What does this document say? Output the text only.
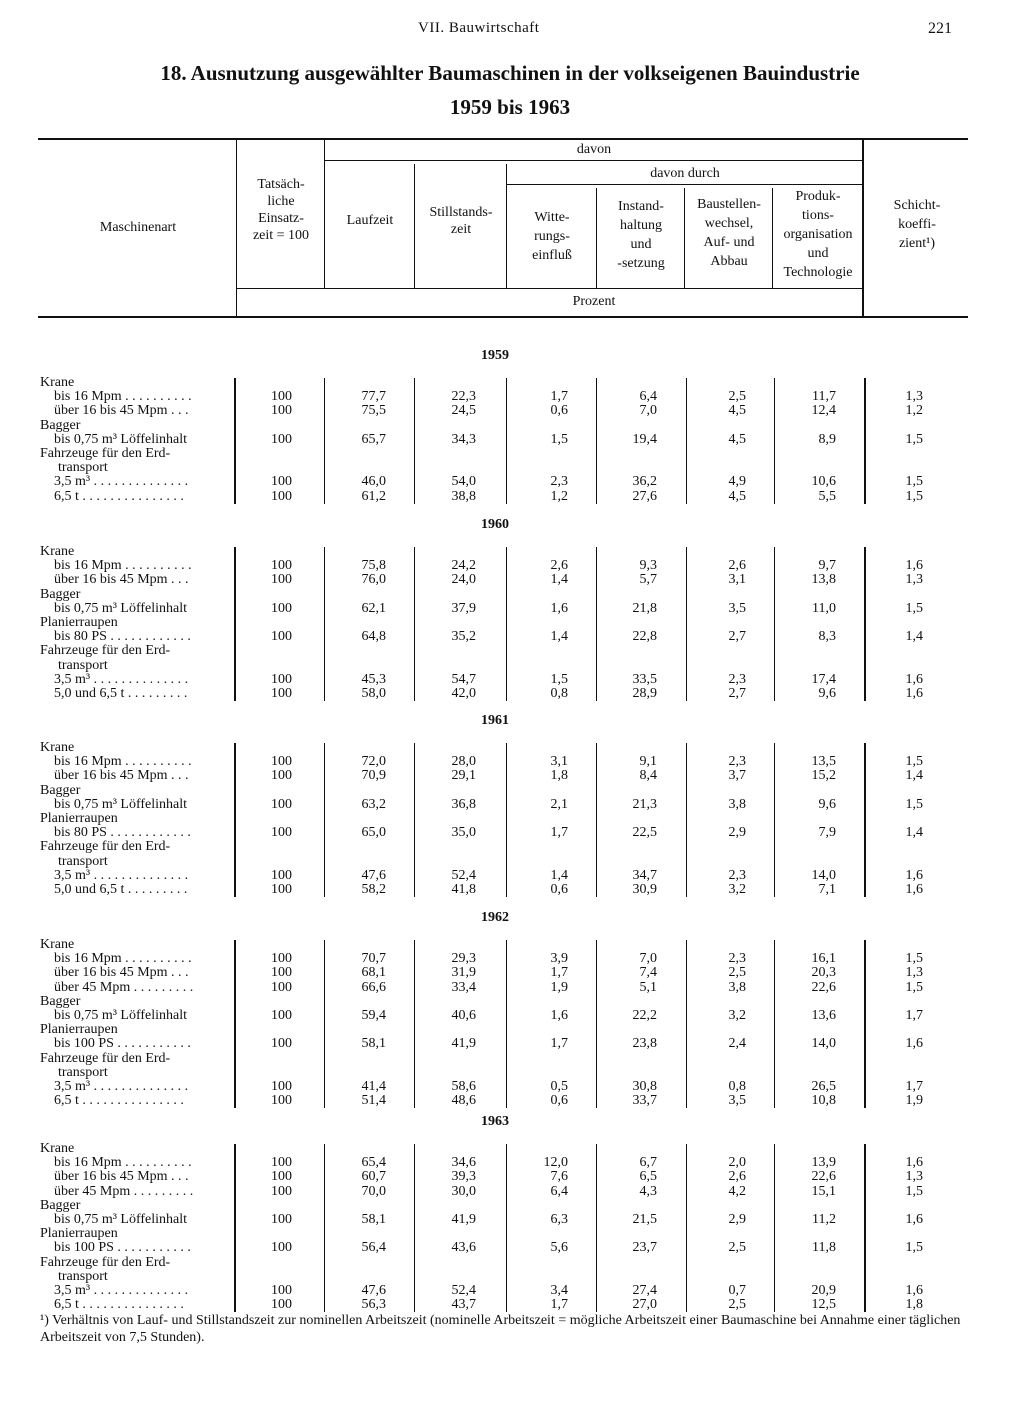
VII. Bauwirtschaft	221
18. Ausnutzung ausgewählter Baumaschinen in der volkseigenen Bauindustrie
1959 bis 1963
Maschinenart
Tatsäch-
liche
Einsatz-
zeit = 100
Laufzeit
Stillstands-
zeit
davon
davon durch
Witte-
rungs-
einfluß
Instand-
haltung
und
-setzung
Baustellen-
wechsel,
Auf- und
Abbau
Produk-
tions-
organisation
und
Technologie
Schicht-
koeffi-
zient¹)
Prozent
1959
Krane
bis 16 Mpm . . . . . . . . . .	100	77,7	22,3	1,7	6,4	2,5	11,7	1,3
über 16 bis 45 Mpm . . .	100	75,5	24,5	0,6	7,0	4,5	12,4	1,2
Bagger
bis 0,75 m³ Löffelinhalt	100	65,7	34,3	1,5	19,4	4,5	8,9	1,5
Fahrzeuge für den Erd-
transport
3,5 m³ . . . . . . . . . . . . . .	100	46,0	54,0	2,3	36,2	4,9	10,6	1,5
6,5 t . . . . . . . . . . . . . . .	100	61,2	38,8	1,2	27,6	4,5	5,5	1,5
1960
Krane
bis 16 Mpm . . . . . . . . . .	100	75,8	24,2	2,6	9,3	2,6	9,7	1,6
über 16 bis 45 Mpm . . .	100	76,0	24,0	1,4	5,7	3,1	13,8	1,3
Bagger
bis 0,75 m³ Löffelinhalt	100	62,1	37,9	1,6	21,8	3,5	11,0	1,5
Planierraupen
bis 80 PS . . . . . . . . . . . .	100	64,8	35,2	1,4	22,8	2,7	8,3	1,4
Fahrzeuge für den Erd-
transport
3,5 m³ . . . . . . . . . . . . . .	100	45,3	54,7	1,5	33,5	2,3	17,4	1,6
5,0 und 6,5 t . . . . . . . . .	100	58,0	42,0	0,8	28,9	2,7	9,6	1,6
1961
Krane
bis 16 Mpm . . . . . . . . . .	100	72,0	28,0	3,1	9,1	2,3	13,5	1,5
über 16 bis 45 Mpm . . .	100	70,9	29,1	1,8	8,4	3,7	15,2	1,4
Bagger
bis 0,75 m³ Löffelinhalt	100	63,2	36,8	2,1	21,3	3,8	9,6	1,5
Planierraupen
bis 80 PS . . . . . . . . . . . .	100	65,0	35,0	1,7	22,5	2,9	7,9	1,4
Fahrzeuge für den Erd-
transport
3,5 m³ . . . . . . . . . . . . . .	100	47,6	52,4	1,4	34,7	2,3	14,0	1,6
5,0 und 6,5 t . . . . . . . . .	100	58,2	41,8	0,6	30,9	3,2	7,1	1,6
1962
Krane
bis 16 Mpm . . . . . . . . . .	100	70,7	29,3	3,9	7,0	2,3	16,1	1,5
über 16 bis 45 Mpm . . .	100	68,1	31,9	1,7	7,4	2,5	20,3	1,3
über 45 Mpm . . . . . . . . .	100	66,6	33,4	1,9	5,1	3,8	22,6	1,5
Bagger
bis 0,75 m³ Löffelinhalt	100	59,4	40,6	1,6	22,2	3,2	13,6	1,7
Planierraupen
bis 100 PS . . . . . . . . . . .	100	58,1	41,9	1,7	23,8	2,4	14,0	1,6
Fahrzeuge für den Erd-
transport
3,5 m³ . . . . . . . . . . . . . .	100	41,4	58,6	0,5	30,8	0,8	26,5	1,7
6,5 t . . . . . . . . . . . . . . .	100	51,4	48,6	0,6	33,7	3,5	10,8	1,9
1963
Krane
bis 16 Mpm . . . . . . . . . .	100	65,4	34,6	12,0	6,7	2,0	13,9	1,6
über 16 bis 45 Mpm . . .	100	60,7	39,3	7,6	6,5	2,6	22,6	1,3
über 45 Mpm . . . . . . . . .	100	70,0	30,0	6,4	4,3	4,2	15,1	1,5
Bagger
bis 0,75 m³ Löffelinhalt	100	58,1	41,9	6,3	21,5	2,9	11,2	1,6
Planierraupen
bis 100 PS . . . . . . . . . . .	100	56,4	43,6	5,6	23,7	2,5	11,8	1,5
Fahrzeuge für den Erd-
transport
3,5 m³ . . . . . . . . . . . . . .	100	47,6	52,4	3,4	27,4	0,7	20,9	1,6
6,5 t . . . . . . . . . . . . . . .	100	56,3	43,7	1,7	27,0	2,5	12,5	1,8
¹) Verhältnis von Lauf- und Stillstandszeit zur nominellen Arbeitszeit (nominelle Arbeitszeit = mögliche Arbeitszeit einer Baumaschine bei Annahme einer täglichen Arbeitszeit von 7,5 Stunden).
